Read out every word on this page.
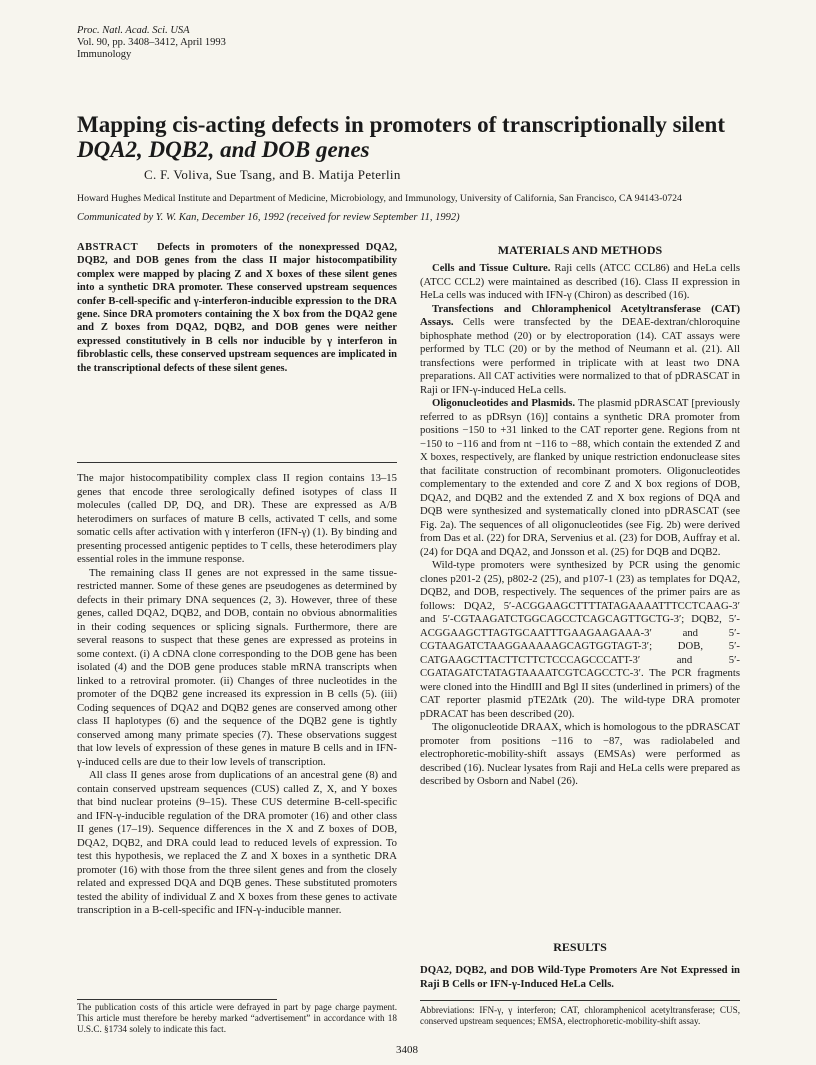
Proc. Natl. Acad. Sci. USA
Vol. 90, pp. 3408–3412, April 1993
Immunology
Mapping cis-acting defects in promoters of transcriptionally silent
DQA2, DQB2, and DOB genes
C. F. Voliva, Sue Tsang, and B. Matija Peterlin
Howard Hughes Medical Institute and Department of Medicine, Microbiology, and Immunology, University of California, San Francisco, CA 94143-0724
Communicated by Y. W. Kan, December 16, 1992 (received for review September 11, 1992)
ABSTRACT Defects in promoters of the nonexpressed DQA2, DQB2, and DOB genes from the class II major histocompatibility complex were mapped by placing Z and X boxes of these silent genes into a synthetic DRA promoter. These conserved upstream sequences confer B-cell-specific and γ-interferon-inducible expression to the DRA gene. Since DRA promoters containing the X box from the DQA2 gene and Z boxes from DQA2, DQB2, and DOB genes were neither expressed constitutively in B cells nor inducible by γ interferon in fibroblastic cells, these conserved upstream sequences are implicated in the transcriptional defects of these silent genes.

The major histocompatibility complex class II region contains 13–15 genes that encode three serologically defined isotypes of class II molecules (called DP, DQ, and DR). These are expressed as A/B heterodimers on surfaces of mature B cells, activated T cells, and some somatic cells after activation with γ interferon (IFN-γ) (1). By binding and presenting processed antigenic peptides to T cells, these heterodimers play essential roles in the immune response.

The remaining class II genes are not expressed in the same tissue-restricted manner. Some of these genes are pseudogenes as determined by defects in their primary DNA sequences (2, 3). However, three of these genes, called DQA2, DQB2, and DOB, contain no obvious abnormalities in their coding sequences or splicing signals. Furthermore, there are several reasons to suspect that these genes are expressed as proteins in some context. (i) A cDNA clone corresponding to the DOB gene has been isolated (4) and the DOB gene produces stable mRNA transcripts when linked to a retroviral promoter. (ii) Changes of three nucleotides in the promoter of the DQB2 gene increased its expression in B cells (5). (iii) Coding sequences of DQA2 and DQB2 genes are conserved among other class II haplotypes (6) and the sequence of the DQB2 gene is tightly conserved among many primate species (7). These observations suggest that low levels of expression of these genes in mature B cells and in IFN-γ-induced cells are due to their low levels of transcription.

All class II genes arose from duplications of an ancestral gene (8) and contain conserved upstream sequences (CUS) called Z, X, and Y boxes that bind nuclear proteins (9–15). These CUS determine B-cell-specific and IFN-γ-inducible regulation of the DRA promoter (16) and other class II genes (17–19). Sequence differences in the X and Z boxes of DOB, DQA2, DQB2, and DRA could lead to reduced levels of expression. To test this hypothesis, we replaced the Z and X boxes in a synthetic DRA promoter (16) with those from the three silent genes and from the closely related and expressed DQA and DQB genes. These substituted promoters tested the ability of individual Z and X boxes from these genes to activate transcription in a B-cell-specific and IFN-γ-inducible manner.

The publication costs of this article were defrayed in part by page charge payment. This article must therefore be hereby marked “advertisement” in accordance with 18 U.S.C. §1734 solely to indicate this fact.
MATERIALS AND METHODS

Cells and Tissue Culture. Raji cells (ATCC CCL86) and HeLa cells (ATCC CCL2) were maintained as described (16). Class II expression in HeLa cells was induced with IFN-γ (Chiron) as described (16).

Transfections and Chloramphenicol Acetyltransferase (CAT) Assays. Cells were transfected by the DEAE-dextran/chloroquine biphosphate method (20) or by electroporation (14). CAT assays were performed by TLC (20) or by the method of Neumann et al. (21). All transfections were performed in triplicate with at least two DNA preparations. All CAT activities were normalized to that of pDRASCAT in Raji or IFN-γ-induced HeLa cells.

Oligonucleotides and Plasmids. The plasmid pDRASCAT [previously referred to as pDRsyn (16)] contains a synthetic DRA promoter from positions −150 to +31 linked to the CAT reporter gene. Regions from nt −150 to −116 and from nt −116 to −88, which contain the extended Z and X boxes, respectively, are flanked by unique restriction endonuclease sites that facilitate construction of recombinant promoters. Oligonucleotides complementary to the extended and core Z and X box regions of DOB, DQA2, and DQB2 and the extended Z and X box regions of DQA and DQB were synthesized and systematically cloned into pDRASCAT (see Fig. 2a). The sequences of all oligonucleotides (see Fig. 2b) were derived from Das et al. (22) for DRA, Servenius et al. (23) for DOB, Auffray et al. (24) for DQA and DQA2, and Jonsson et al. (25) for DQB and DQB2.

Wild-type promoters were synthesized by PCR using the genomic clones p201-2 (25), p802-2 (25), and p107-1 (23) as templates for DQA2, DQB2, and DOB, respectively. The sequences of the primer pairs are as follows: DQA2, 5′-ACGGAAGCTTTTATAGAAAATTTCCTCAAG-3′ and 5′-CGTAAGATCTGGCAGCCTCAGCAGTTGCTG-3′; DQB2, 5′-ACGGAAGCTTAGTGCAATTTGAAGAAGAAA-3′ and 5′-CGTAAGATCTAAGGAAAAAGCAGTGGTAGT-3′; DOB, 5′-CATGAAGCTTACTTCTTCTCCCAGCCCATT-3′ and 5′-CGATAGATCTATAGTAAAATCGTCAGCCTC-3′. The PCR fragments were cloned into the HindIII and Bgl II sites (underlined in primers) of the CAT reporter plasmid pTE2Δtk (20). The wild-type DRA promoter pDRACAT has been described (20).

The oligonucleotide DRAAX, which is homologous to the pDRASCAT promoter from positions −116 to −87, was radiolabeled and electrophoretic-mobility-shift assays (EMSAs) were performed as described (16). Nuclear lysates from Raji and HeLa cells were prepared as described by Osborn and Nabel (26).

RESULTS
DQA2, DQB2, and DOB Wild-Type Promoters Are Not Expressed in Raji B Cells or IFN-γ-Induced HeLa Cells.
Abbreviations: IFN-γ, γ interferon; CAT, chloramphenicol acetyltransferase; CUS, conserved upstream sequences; EMSA, electrophoretic-mobility-shift assay.
3408
